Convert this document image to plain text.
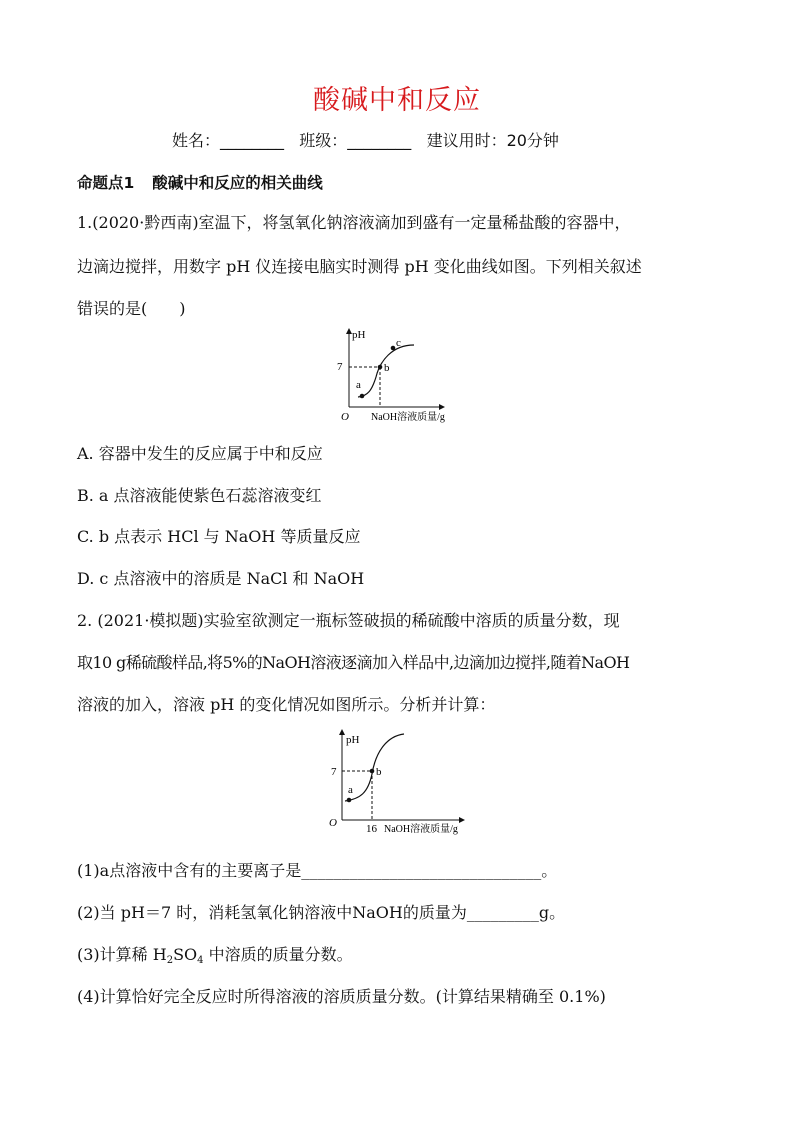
酸碱中和反应
姓名：________ 班级：________ 建议用时：20分钟
命题点1 酸碱中和反应的相关曲线
1.(2020·黔西南)室温下，将氢氧化钠溶液滴加到盛有一定量稀盐酸的容器中，
边滴边搅拌，用数字 pH 仪连接电脑实时测得 pH 变化曲线如图。下列相关叙述
错误的是(　　)
pH
NaOH溶液质量/g
O
7
a
b
c
A. 容器中发生的反应属于中和反应
B. a 点溶液能使紫色石蕊溶液变红
C. b 点表示 HCl 与 NaOH 等质量反应
D. c 点溶液中的溶质是 NaCl 和 NaOH
2. (2021·模拟题)实验室欲测定一瓶标签破损的稀硫酸中溶质的质量分数，现
取10 g稀硫酸样品,将5%的NaOH溶液逐滴加入样品中,边滴加边搅拌,随着NaOH
溶液的加入，溶液 pH 的变化情况如图所示。分析并计算：
pH
NaOH溶液质量/g
O
7
16
a
b
(1)a点溶液中含有的主要离子是______________________________。
(2)当 pH＝7 时，消耗氢氧化钠溶液中NaOH的质量为_________g。
(3)计算稀 $H_2SO_4$ 中溶质的质量分数。
(4)计算恰好完全反应时所得溶液的溶质质量分数。(计算结果精确至 0.1%)
